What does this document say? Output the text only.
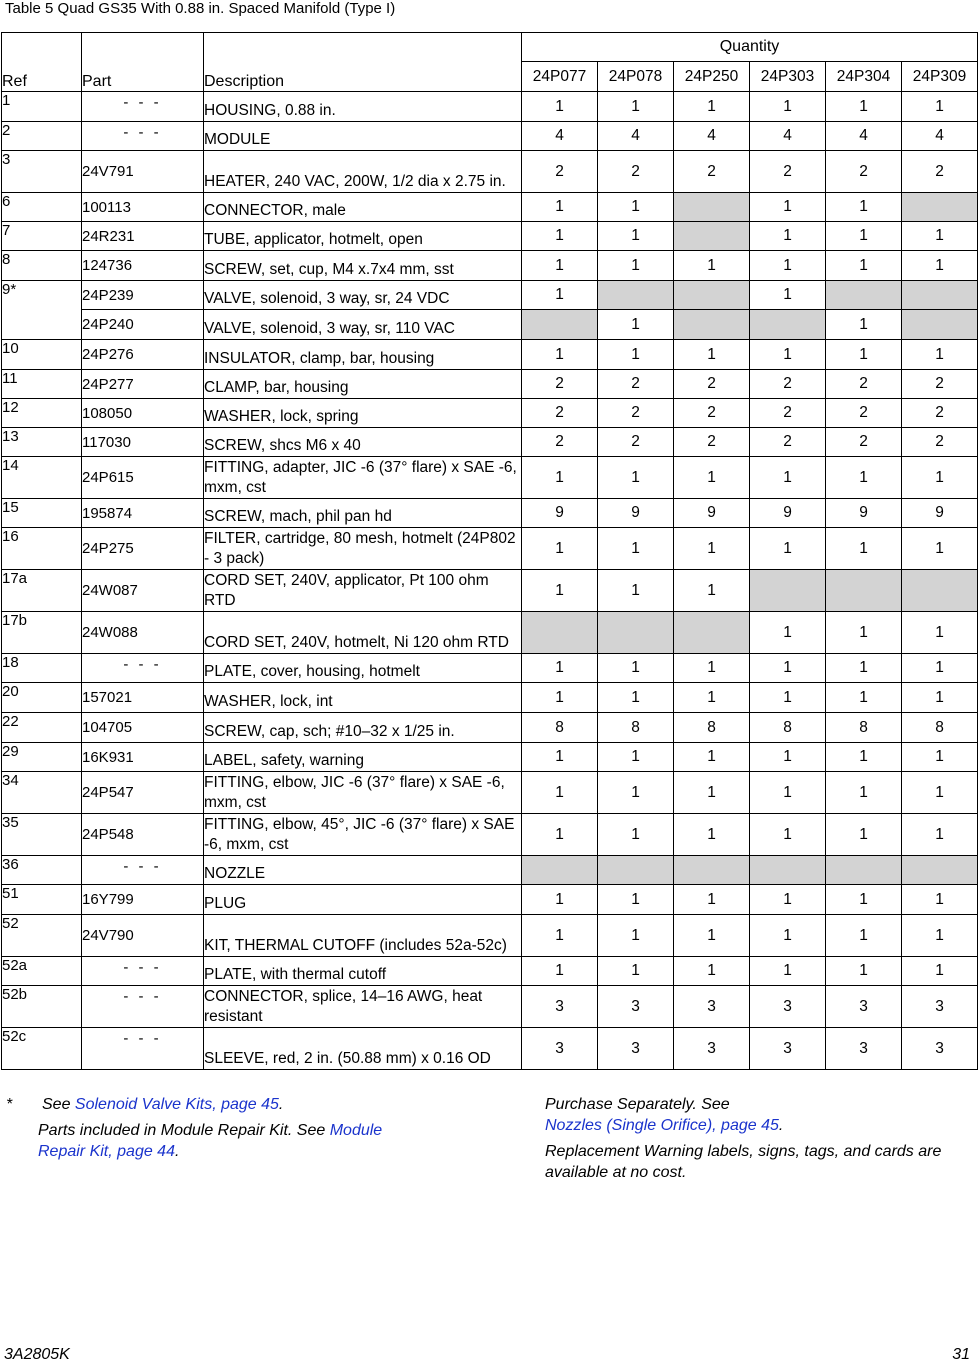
Table 5 Quad GS35 With 0.88 in. Spaced Manifold (Type I)
Ref	Part	Description	Quantity					
			24P077	24P078	24P250	24P303	24P304	24P309
1	- - -	HOUSING, 0.88 in.	1	1	1	1	1	1
2	- - -	MODULE	4	4	4	4	4	4
3	24V791	HEATER, 240 VAC, 200W, 1/2 dia x 2.75 in.	2	2	2	2	2	2
6	100113	CONNECTOR, male	1	1		1	1	
7	24R231	TUBE, applicator, hotmelt, open	1	1		1	1	1
8	124736	SCREW, set, cup, M4 x.7x4 mm, sst	1	1	1	1	1	1
9*	24P239	VALVE, solenoid, 3 way, sr, 24 VDC	1			1		
	24P240	VALVE, solenoid, 3 way, sr, 110 VAC		1			1	
10	24P276	INSULATOR, clamp, bar, housing	1	1	1	1	1	1
11	24P277	CLAMP, bar, housing	2	2	2	2	2	2
12	108050	WASHER, lock, spring	2	2	2	2	2	2
13	117030	SCREW, shcs M6 x 40	2	2	2	2	2	2
14	24P615	FITTING, adapter, JIC -6 (37° flare) x SAE -6, mxm, cst	1	1	1	1	1	1
15	195874	SCREW, mach, phil pan hd	9	9	9	9	9	9
16	24P275	FILTER, cartridge, 80 mesh, hotmelt (24P802 - 3 pack)	1	1	1	1	1	1
17a	24W087	CORD SET, 240V, applicator, Pt 100 ohm RTD	1	1	1			
17b	24W088	CORD SET, 240V, hotmelt, Ni 120 ohm RTD				1	1	1
18	- - -	PLATE, cover, housing, hotmelt	1	1	1	1	1	1
20	157021	WASHER, lock, int	1	1	1	1	1	1
22	104705	SCREW, cap, sch; #10–32 x 1/25 in.	8	8	8	8	8	8
29	16K931	LABEL, safety, warning	1	1	1	1	1	1
34	24P547	FITTING, elbow, JIC -6 (37° flare) x SAE -6, mxm, cst	1	1	1	1	1	1
35	24P548	FITTING, elbow, 45°, JIC -6 (37° flare) x SAE -6, mxm, cst	1	1	1	1	1	1
36	- - -	NOZZLE						
51	16Y799	PLUG	1	1	1	1	1	1
52	24V790	KIT, THERMAL CUTOFF (includes 52a-52c)	1	1	1	1	1	1
52a	- - -	PLATE, with thermal cutoff	1	1	1	1	1	1
52b	- - -	CONNECTOR, splice, 14–16 AWG, heat resistant	3	3	3	3	3	3
52c	- - -	SLEEVE, red, 2 in. (50.88 mm) x 0.16 OD	3	3	3	3	3	3

* See Solenoid Valve Kits, page 45.

Parts included in Module Repair Kit. See Module Repair Kit, page 44.

Purchase Separately. See
Nozzles (Single Orifice), page 45.

Replacement Warning labels, signs, tags, and cards are available at no cost.

3A2805K	31
